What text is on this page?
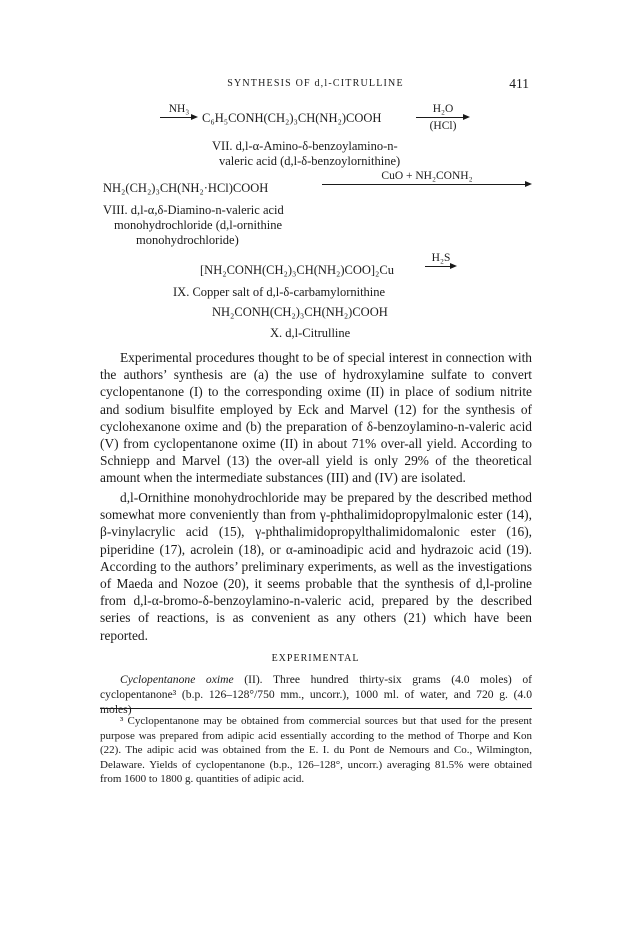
SYNTHESIS OF d,l-CITRULLINE	411
NH₃
C₆H₅CONH(CH₂)₃CH(NH₂)COOH
H₂O
(HCl)
VII. d,l-α-Amino-δ-benzoylamino-n-
valeric acid (d,l-δ-benzoylornithine)
NH₂(CH₂)₃CH(NH₂·HCl)COOH
CuO + NH₂CONH₂
VIII. d,l-α,δ-Diamino-n-valeric acid
monohydrochloride (d,l-ornithine
monohydrochloride)
[NH₂CONH(CH₂)₃CH(NH₂)COO]₂Cu
H₂S
IX. Copper salt of d,l-δ-carbamylornithine
NH₂CONH(CH₂)₃CH(NH₂)COOH
X. d,l-Citrulline

Experimental procedures thought to be of special interest in connection with the authors’ synthesis are (a) the use of hydroxylamine sulfate to convert cyclopentanone (I) to the corresponding oxime (II) in place of sodium nitrite and sodium bisulfite employed by Eck and Marvel (12) for the synthesis of cyclohexanone oxime and (b) the preparation of δ-benzoylamino-n-valeric acid (V) from cyclopentanone oxime (II) in about 71% over-all yield. According to Schniepp and Marvel (13) the over-all yield is only 29% of the theoretical amount when the intermediate substances (III) and (IV) are isolated.

d,l-Ornithine monohydrochloride may be prepared by the described method somewhat more conveniently than from γ-phthalimidopropylmalonic ester (14), β-vinylacrylic acid (15), γ-phthalimidopropylthalimidomalonic ester (16), piperidine (17), acrolein (18), or α-aminoadipic acid and hydrazoic acid (19). According to the authors’ preliminary experiments, as well as the investigations of Maeda and Nozoe (20), it seems probable that the synthesis of d,l-proline from d,l-α-bromo-δ-benzoylamino-n-valeric acid, prepared by the described series of reactions, is as convenient as any others (21) which have been reported.

EXPERIMENTAL

Cyclopentanone oxime (II). Three hundred thirty-six grams (4.0 moles) of cyclopentanone³ (b.p. 126–128°/750 mm., uncorr.), 1000 ml. of water, and 720 g. (4.0 moles)

³ Cyclopentanone may be obtained from commercial sources but that used for the present purpose was prepared from adipic acid essentially according to the method of Thorpe and Kon (22). The adipic acid was obtained from the E. I. du Pont de Nemours and Co., Wilmington, Delaware. Yields of cyclopentanone (b.p., 126–128°, uncorr.) averaging 81.5% were obtained from 1600 to 1800 g. quantities of adipic acid.
